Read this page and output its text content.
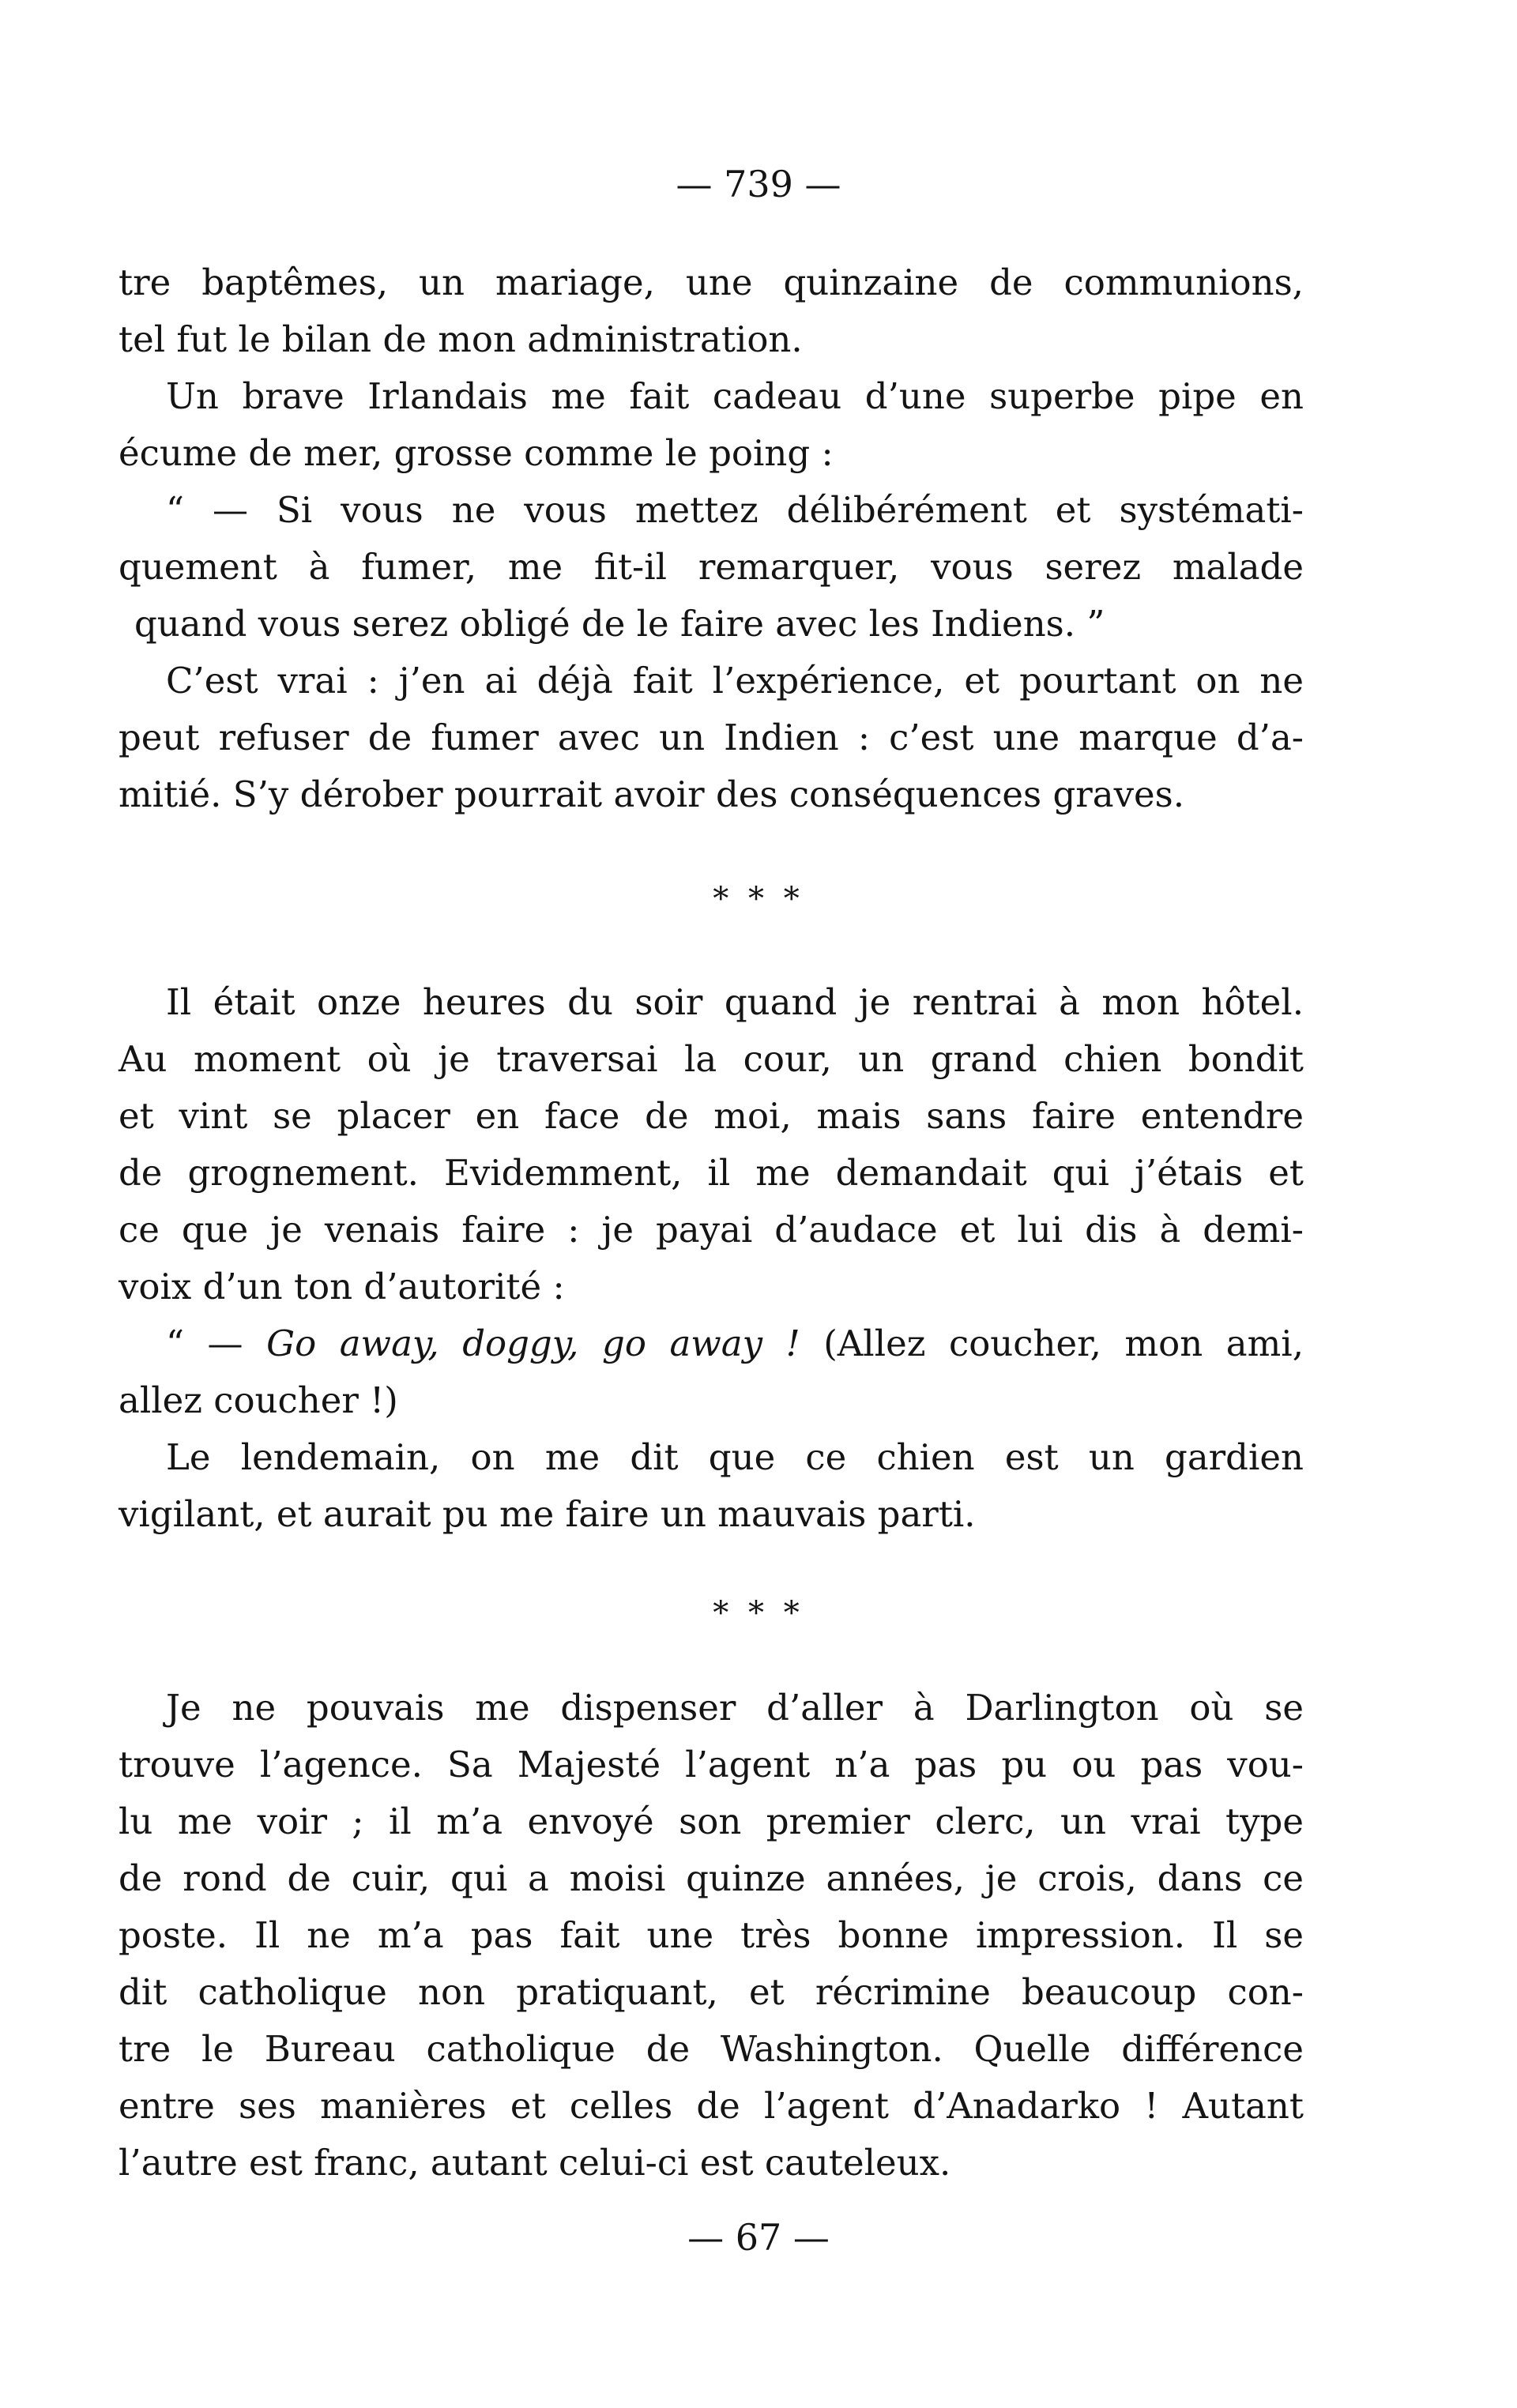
— 739 —
tre baptêmes, un mariage, une quinzaine de communions,
tel fut le bilan de mon administration.
Un brave Irlandais me fait cadeau d’une superbe pipe en
écume de mer, grosse comme le poing :
“ — Si vous ne vous mettez délibérément et systémati-
quement à fumer, me fit-il remarquer, vous serez malade
quand vous serez obligé de le faire avec les Indiens. ”
C’est vrai : j’en ai déjà fait l’expérience, et pourtant on ne
peut refuser de fumer avec un Indien : c’est une marque d’a-
mitié. S’y dérober pourrait avoir des conséquences graves.
* * *
Il était onze heures du soir quand je rentrai à mon hôtel.
Au moment où je traversai la cour, un grand chien bondit
et vint se placer en face de moi, mais sans faire entendre
de grognement. Evidemment, il me demandait qui j’étais et
ce que je venais faire : je payai d’audace et lui dis à demi-
voix d’un ton d’autorité :
“ — Go away, doggy, go away ! (Allez coucher, mon ami,
allez coucher !)
Le lendemain, on me dit que ce chien est un gardien
vigilant, et aurait pu me faire un mauvais parti.
* * *
Je ne pouvais me dispenser d’aller à Darlington où se
trouve l’agence. Sa Majesté l’agent n’a pas pu ou pas vou-
lu me voir ; il m’a envoyé son premier clerc, un vrai type
de rond de cuir, qui a moisi quinze années, je crois, dans ce
poste. Il ne m’a pas fait une très bonne impression. Il se
dit catholique non pratiquant, et récrimine beaucoup con-
tre le Bureau catholique de Washington. Quelle différence
entre ses manières et celles de l’agent d’Anadarko ! Autant
l’autre est franc, autant celui-ci est cauteleux.
— 67 —
